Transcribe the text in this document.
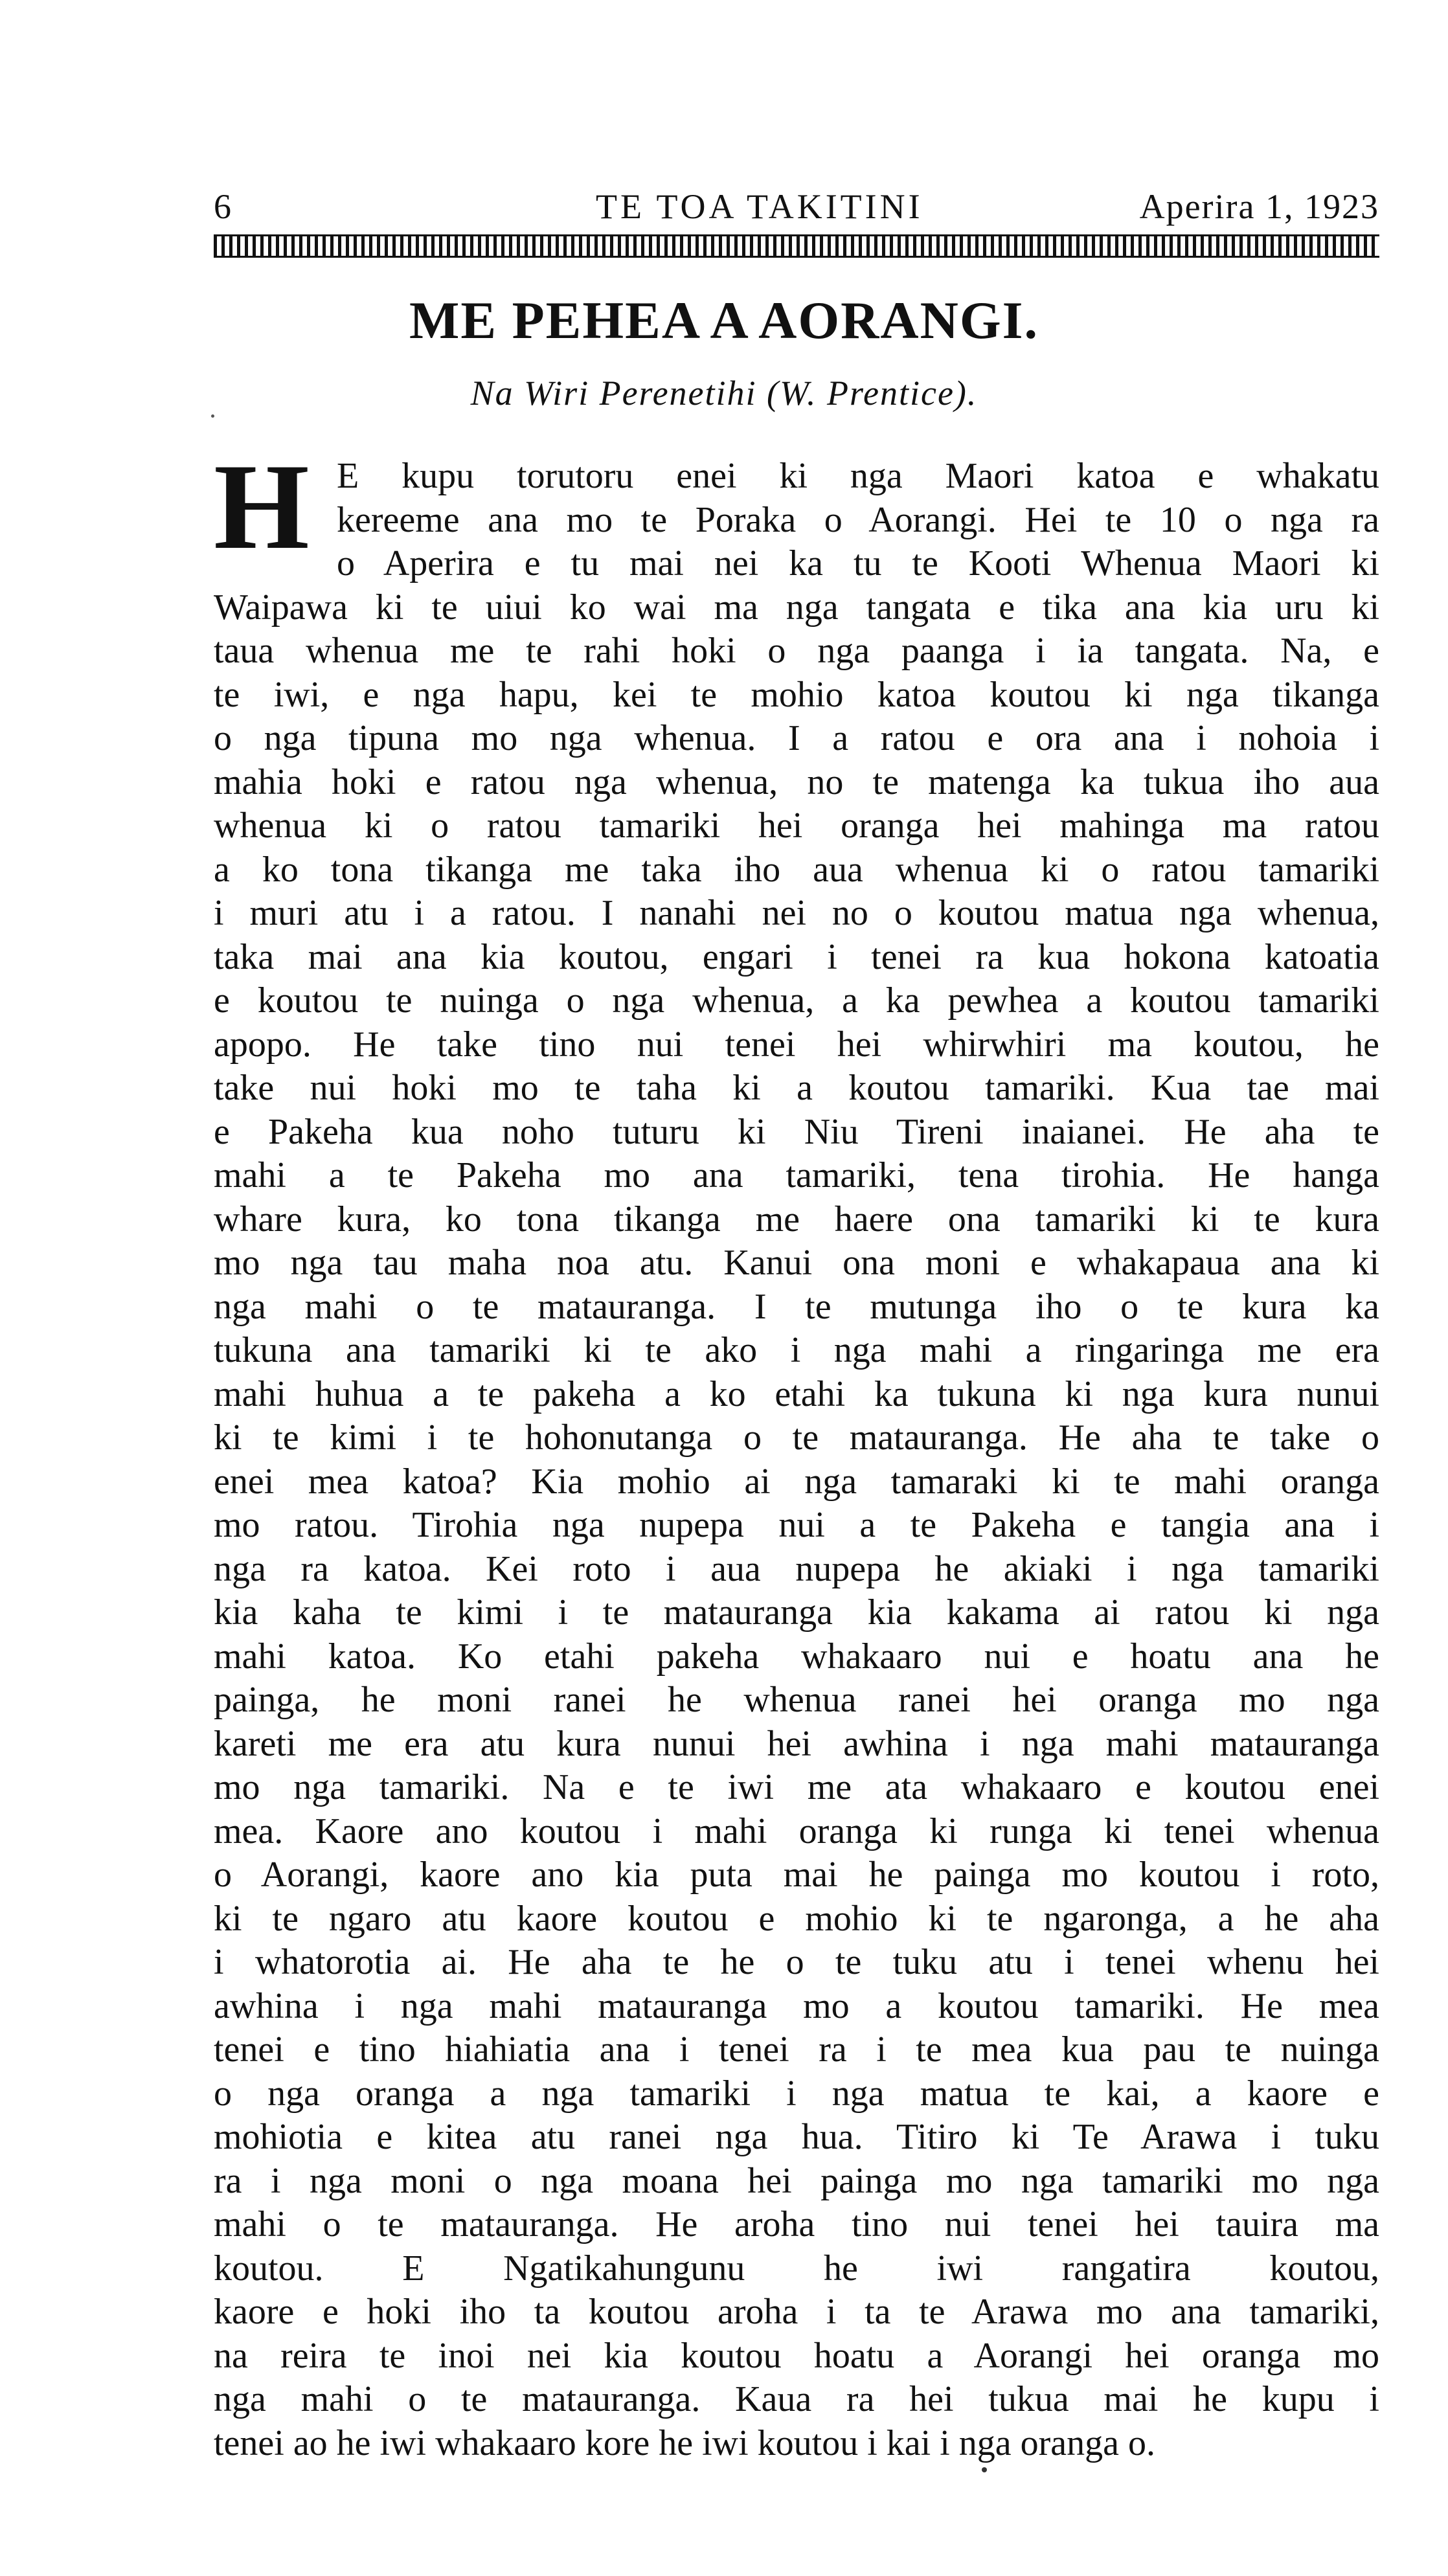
6	TE TOA TAKITINI	Aperira 1, 1923
ME PEHEA A AORANGI.
Na Wiri Perenetihi (W. Prentice).
H E kupu torutoru enei ki nga Maori katoa e whakatu
kereeme ana mo te Poraka o Aorangi. Hei te 10 o nga ra
o Aperira e tu mai nei ka tu te Kooti Whenua Maori ki
Waipawa ki te uiui ko wai ma nga tangata e tika ana kia uru ki
taua whenua me te rahi hoki o nga paanga i ia tangata. Na, e
te iwi, e nga hapu, kei te mohio katoa koutou ki nga tikanga
o nga tipuna mo nga whenua. I a ratou e ora ana i nohoia i
mahia hoki e ratou nga whenua, no te matenga ka tukua iho aua
whenua ki o ratou tamariki hei oranga hei mahinga ma ratou
a ko tona tikanga me taka iho aua whenua ki o ratou tamariki
i muri atu i a ratou. I nanahi nei no o koutou matua nga whenua,
taka mai ana kia koutou, engari i tenei ra kua hokona katoatia
e koutou te nuinga o nga whenua, a ka pewhea a koutou tamariki
apopo. He take tino nui tenei hei whirwhiri ma koutou, he
take nui hoki mo te taha ki a koutou tamariki. Kua tae mai
e Pakeha kua noho tuturu ki Niu Tireni inaianei. He aha te
mahi a te Pakeha mo ana tamariki, tena tirohia. He hanga
whare kura, ko tona tikanga me haere ona tamariki ki te kura
mo nga tau maha noa atu. Kanui ona moni e whakapaua ana ki
nga mahi o te matauranga. I te mutunga iho o te kura ka
tukuna ana tamariki ki te ako i nga mahi a ringaringa me era
mahi huhua a te pakeha a ko etahi ka tukuna ki nga kura nunui
ki te kimi i te hohonutanga o te matauranga. He aha te take o
enei mea katoa? Kia mohio ai nga tamaraki ki te mahi oranga
mo ratou. Tirohia nga nupepa nui a te Pakeha e tangia ana i
nga ra katoa. Kei roto i aua nupepa he akiaki i nga tamariki
kia kaha te kimi i te matauranga kia kakama ai ratou ki nga
mahi katoa. Ko etahi pakeha whakaaro nui e hoatu ana he
painga, he moni ranei he whenua ranei hei oranga mo nga
kareti me era atu kura nunui hei awhina i nga mahi matauranga
mo nga tamariki. Na e te iwi me ata whakaaro e koutou enei
mea. Kaore ano koutou i mahi oranga ki runga ki tenei whenua
o Aorangi, kaore ano kia puta mai he painga mo koutou i roto,
ki te ngaro atu kaore koutou e mohio ki te ngaronga, a he aha
i whatorotia ai. He aha te he o te tuku atu i tenei whenu hei
awhina i nga mahi matauranga mo a koutou tamariki. He mea
tenei e tino hiahiatia ana i tenei ra i te mea kua pau te nuinga
o nga oranga a nga tamariki i nga matua te kai, a kaore e
mohiotia e kitea atu ranei nga hua. Titiro ki Te Arawa i tuku
ra i nga moni o nga moana hei painga mo nga tamariki mo nga
mahi o te matauranga. He aroha tino nui tenei hei tauira ma
koutou. E Ngatikahungunu he iwi rangatira koutou,
kaore e hoki iho ta koutou aroha i ta te Arawa mo ana tamariki,
na reira te inoi nei kia koutou hoatu a Aorangi hei oranga mo
nga mahi o te matauranga. Kaua ra hei tukua mai he kupu i
tenei ao he iwi whakaaro kore he iwi koutou i kai i nga oranga o.
